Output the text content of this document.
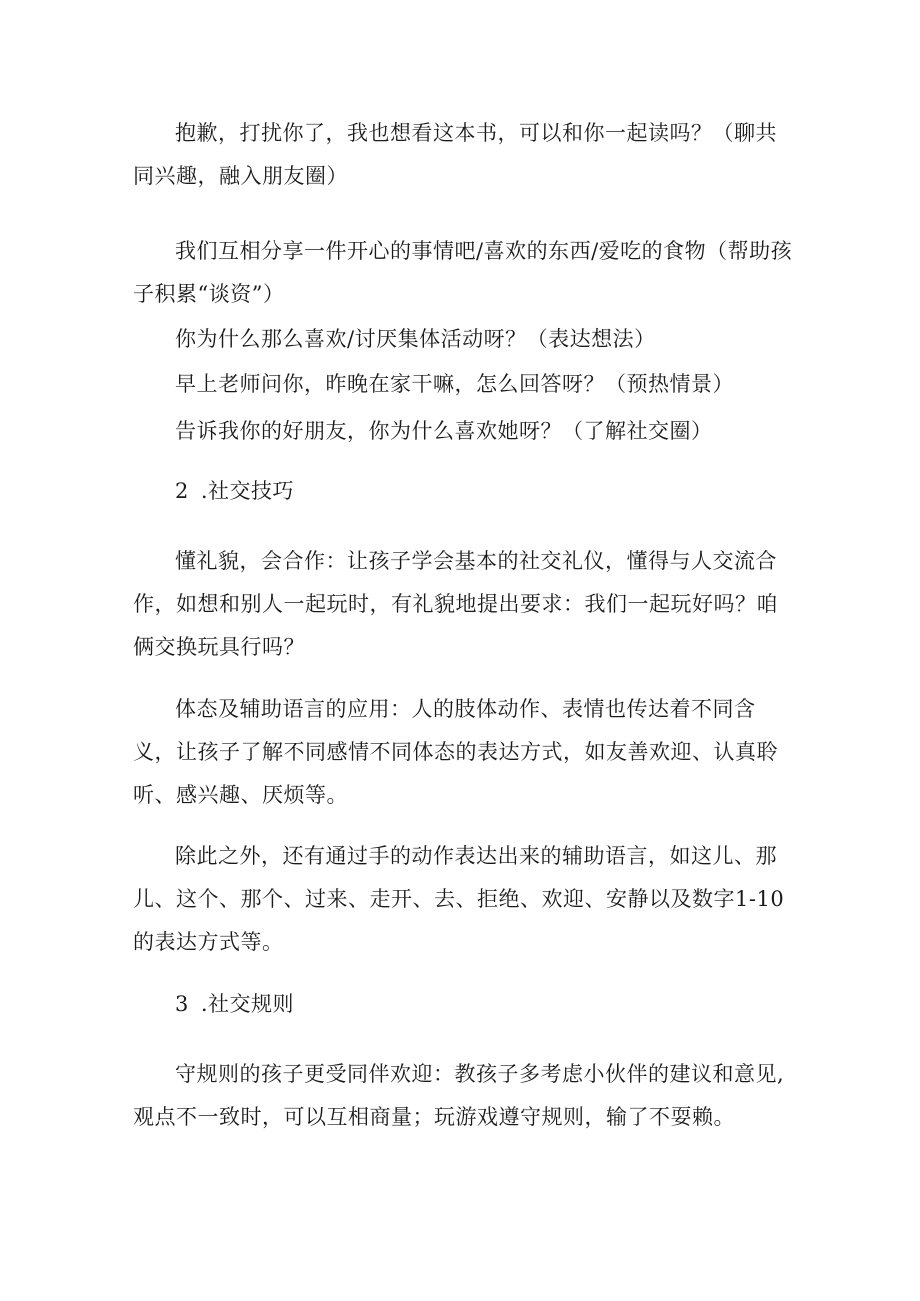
抱歉，打扰你了，我也想看这本书，可以和你一起读吗？（聊共同兴趣，融入朋友圈）

我们互相分享一件开心的事情吧/喜欢的东西/爱吃的食物（帮助孩子积累“谈资”）

你为什么那么喜欢/讨厌集体活动呀？（表达想法）

早上老师问你，昨晚在家干嘛，怎么回答呀？（预热情景）

告诉我你的好朋友，你为什么喜欢她呀？（了解社交圈）

2 .社交技巧

懂礼貌，会合作：让孩子学会基本的社交礼仪，懂得与人交流合作，如想和别人一起玩时，有礼貌地提出要求：我们一起玩好吗？咱俩交换玩具行吗？

体态及辅助语言的应用：人的肢体动作、表情也传达着不同含义，让孩子了解不同感情不同体态的表达方式，如友善欢迎、认真聆听、感兴趣、厌烦等。

除此之外，还有通过手的动作表达出来的辅助语言，如这儿、那儿、这个、那个、过来、走开、去、拒绝、欢迎、安静以及数字1-10的表达方式等。

3 .社交规则

守规则的孩子更受同伴欢迎：教孩子多考虑小伙伴的建议和意见,观点不一致时，可以互相商量；玩游戏遵守规则，输了不耍赖。
